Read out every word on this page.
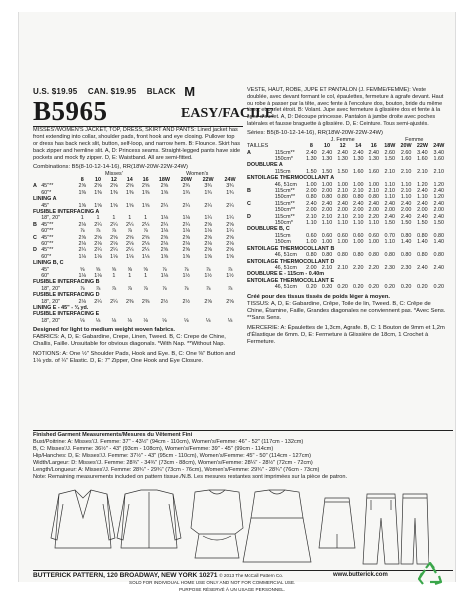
U.S. $19.95 CAN. $19.95 BLACK M
B5965	EASY/FACILE

MISSES'/WOMEN'S JACKET, TOP, DRESS, SKIRT AND PANTS: Lined jacket has front extending into collar, shoulder pads, front hook and eye closing. Pullover top or dress has back neck slit, button, self-loop, and narrow hem. B: Flounce. Skirt has back zipper and hemline slit. A, D: Princess seams. Straight-legged pants have side pockets and mock fly zipper. D, E: Waistband. All are semi-fitted.

Combinations: B5(8-10-12-14-16), RR(18W-20W-22W-24W)

		Misses'					Women's			
		8	10	12	14	16	18W	20W	22W	24W
A	45"**	2⅝	2⅝	2⅝	2⅝	2⅝	2⅝	2¾	3¾	3¾
	60"*	1⅜	1⅜	1⅜	1⅜	1⅜	1⅝	1¾	1¾	1¾
LINING A										
	45"	1⅝	1⅝	1⅝	1⅝	1⅝	2¼	2¼	2¼	2¼
FUSIBLE INTERFACING A										
	18", 20"	1	1	1	1	1	1⅛	1⅛	1¼	1¼
B	45"**	2⅛	2¼	2¼	2¼	2¼	2¼	2¼	2⅝	2⅝
	60"**	⅞	⅞	⅞	⅞	⅞	1⅛	1⅛	1⅛	1¼
C	45"**	2⅝	2⅝	2⅝	2⅝	2⅝	2⅝	2⅝	2⅝	2⅝
	60"**	2⅛	2⅛	2⅛	2⅛	2⅛	2⅛	2⅛	2⅛	2⅛
D	45"**	2¼	2¼	2¼	2¼	2¼	2⅝	2⅝	2⅝	2⅝
	60"*	1⅛	1⅛	1⅛	1⅛	1⅛	1⅝	1⅝	1⅝	1⅝
LINING B, C										
	45"	⅝	⅝	⅝	⅝	⅝	⅞	⅞	⅞	⅞
	60"	1⅛	1⅛	1	1	1	1⅛	1½	1½	1½
FUSIBLE INTERFACING B										
	18", 20"	⅞	⅞	⅞	⅞	⅞	⅞	⅞	⅞	⅞
FUSIBLE INTERFACING D										
	18", 20"	2⅛	2¼	2¼	2⅜	2⅜	2½	2½	2⅝	2⅝
LINING E - 45" - ¾ yd.										
FUSIBLE INTERFACING E										
	18", 20"	⅛	⅛	⅛	⅛	⅛	⅛	⅛	⅛	⅛

Designed for light to medium weight woven fabrics.

FABRICS: A, D, E: Gabardine, Crepe, Linen, Tweed. B, C: Crepe de Chine, Challis, Faille. Unsuitable for obvious diagonals. *With Nap. **Without Nap.

NOTIONS: A: One ½" Shoulder Pads, Hook and Eye. B, C: One ⅜" Button and 1⅛ yds. of ¼" Elastic. D, E: 7" Zipper, One Hook and Eye Closure.

VESTE, HAUT, ROBE, JUPE ET PANTALON (J. FEMME/FEMME): Veste doublée, avec devant formant le col, épaulettes, fermeture à agrafe devant. Haut ou robe à passer par la tête, avec fente à l'encolure dos, bouton, bride du même tissu, et ourlet étroit. B: Volant. Jupe avec fermeture à glissière dos et fente à la ligne d'ourlet. A, D: Découpe princesse. Pantalon à jambe droite avec poches latérales et fausse braguette à glissière. D, E: Ceinture. Tous semi-ajustés.

Séries: B5(8-10-12-14-16), RR(18W-20W-22W-24W)

		J. Femme					Femme			
TAILLES		8	10	12	14	16	18W	20W	22W	24W
A	115cm**	2.40	2.40	2.40	2.40	2.40	2.60	2.60	3.40	3.40
	150cm*	1.30	1.30	1.30	1.30	1.30	1.50	1.60	1.60	1.60
DOUBLURE A										
	115cm	1.50	1.50	1.50	1.60	1.60	2.10	2.10	2.10	2.10
ENTOILAGE THERMOCOLLANT A										
	46, 51cm	1.00	1.00	1.00	1.00	1.00	1.10	1.10	1.20	1.20
B	115cm**	2.00	2.00	2.10	2.10	2.10	2.10	2.10	2.40	2.40
	150cm**	0.80	0.80	0.80	0.80	0.80	1.10	1.10	1.10	1.20
C	115cm**	2.40	2.40	2.40	2.40	2.40	2.40	2.40	2.40	2.40
	150cm**	2.00	2.00	2.00	2.00	2.00	2.00	2.00	2.00	2.00
D	115cm**	2.10	2.10	2.10	2.10	2.20	2.40	2.40	2.40	2.40
	150cm*	1.10	1.10	1.10	1.10	1.10	1.50	1.50	1.50	1.50
DOUBLURE B, C										
	115cm	0.60	0.60	0.60	0.60	0.60	0.70	0.80	0.80	0.80
	150cm	1.00	1.00	1.00	1.00	1.00	1.10	1.40	1.40	1.40
ENTOILAGE THERMOCOLLANT B										
	46, 51cm	0.80	0.80	0.80	0.80	0.80	0.80	0.80	0.80	0.80
ENTOILAGE THERMOCOLLANT D										
	46, 51cm	2.00	2.10	2.10	2.20	2.20	2.30	2.30	2.40	2.40
DOUBLURE E - 115cm - 0.40m										
ENTOILAGE THERMOCOLLANT E										
	46, 51cm	0.20	0.20	0.20	0.20	0.20	0.20	0.20	0.20	0.20

Créé pour des tissus tissés de poids léger à moyen.

TISSUS: A, D, E: Gabardine, Crêpe, Toile de lin, Tweed. B, C: Crêpe de Chine, Étamine, Faille, Grandes diagonales ne conviennent pas. *Avec Sens. **Sans Sens.

MERCERIE: A: Épaulettes de 1,3cm, Agrafe. B, C: 1 Bouton de 9mm et 1,2m d'Élastique de 6mm. D, E: Fermeture à Glissière de 18cm, 1 Crochet à Fermeture.

Finished Garment Measurements/Mesures du Vêtement Fini

Bust/Poitrine: A: Misses'/J. Femme: 37" - 43½" (94cm - 110cm), Women's/Femme: 46" - 52" (117cm - 132cm)

B, C: Misses'/J. Femme: 36½" - 43" (93cm - 108cm), Women's/Femme: 39" - 45" (99cm - 114cm)

Hip/Hanches: D, E: Misses'/J. Femme: 37½" - 43" (95cm - 110cm), Women's/Femme: 45" - 50" (114cm - 127cm)

Width/Largeur: D: Misses'/J. Femme: 28¾" - 34¾" (73cm - 88cm), Women's/Femme: 28¼" - 28½" (72cm - 72cm)

Length/Longueur: A: Misses'/J. Femme: 28¾" - 29¾" (73cm - 76cm), Women's/Femme: 29¾" - 28¾" (76cm - 73cm)

Note: Remaining measurements included on pattern tissue./N.B. Les mesures restantes sont imprimées sur la pièce de patron.

BUTTERICK PATTERN, 120 BROADWAY, NEW YORK 10271 © 2013 The McCall Pattern Co.	www.butterick.com
SOLD FOR INDIVIDUAL HOME USE ONLY AND NOT FOR COMMERCIAL USE.
PURPOSE RÉSERVÉ À UN USAGE PERSONNEL.
